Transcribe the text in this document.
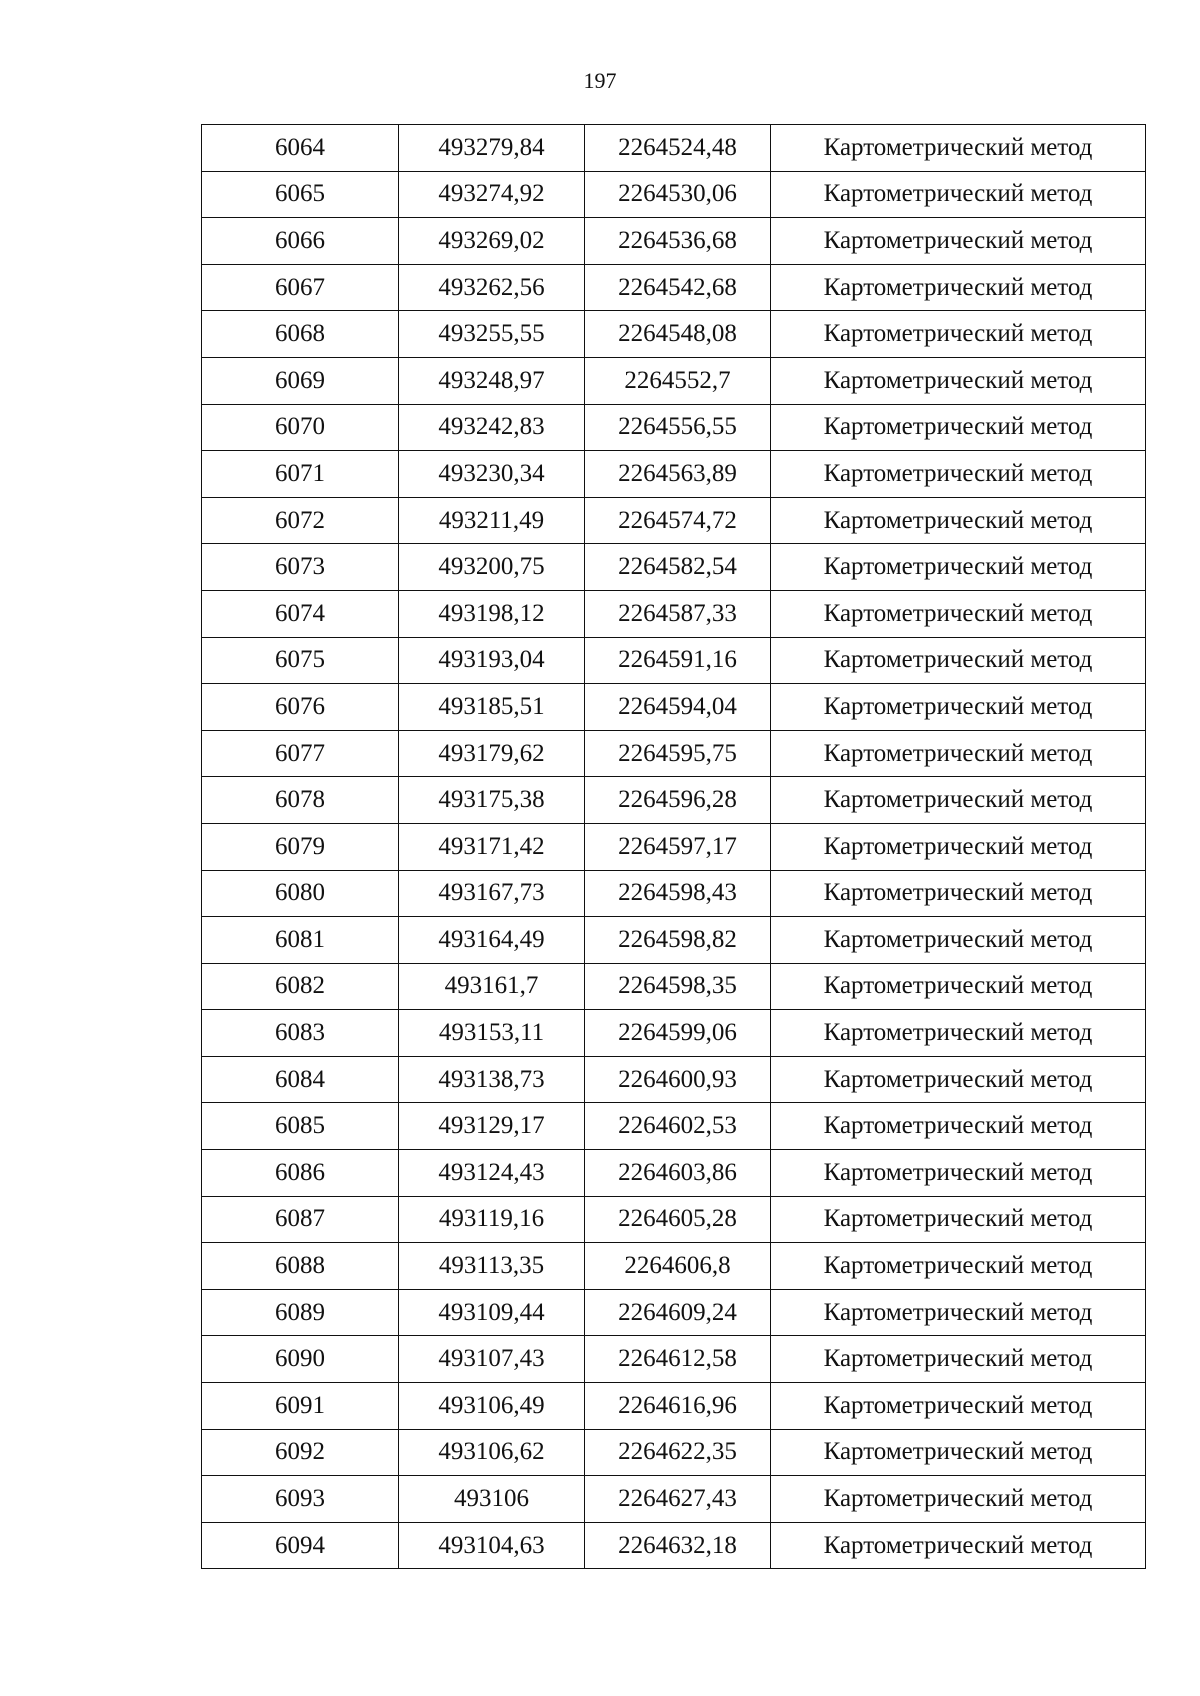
197
6064	493279,84	2264524,48	Картометрический метод
6065	493274,92	2264530,06	Картометрический метод
6066	493269,02	2264536,68	Картометрический метод
6067	493262,56	2264542,68	Картометрический метод
6068	493255,55	2264548,08	Картометрический метод
6069	493248,97	2264552,7	Картометрический метод
6070	493242,83	2264556,55	Картометрический метод
6071	493230,34	2264563,89	Картометрический метод
6072	493211,49	2264574,72	Картометрический метод
6073	493200,75	2264582,54	Картометрический метод
6074	493198,12	2264587,33	Картометрический метод
6075	493193,04	2264591,16	Картометрический метод
6076	493185,51	2264594,04	Картометрический метод
6077	493179,62	2264595,75	Картометрический метод
6078	493175,38	2264596,28	Картометрический метод
6079	493171,42	2264597,17	Картометрический метод
6080	493167,73	2264598,43	Картометрический метод
6081	493164,49	2264598,82	Картометрический метод
6082	493161,7	2264598,35	Картометрический метод
6083	493153,11	2264599,06	Картометрический метод
6084	493138,73	2264600,93	Картометрический метод
6085	493129,17	2264602,53	Картометрический метод
6086	493124,43	2264603,86	Картометрический метод
6087	493119,16	2264605,28	Картометрический метод
6088	493113,35	2264606,8	Картометрический метод
6089	493109,44	2264609,24	Картометрический метод
6090	493107,43	2264612,58	Картометрический метод
6091	493106,49	2264616,96	Картометрический метод
6092	493106,62	2264622,35	Картометрический метод
6093	493106	2264627,43	Картометрический метод
6094	493104,63	2264632,18	Картометрический метод
